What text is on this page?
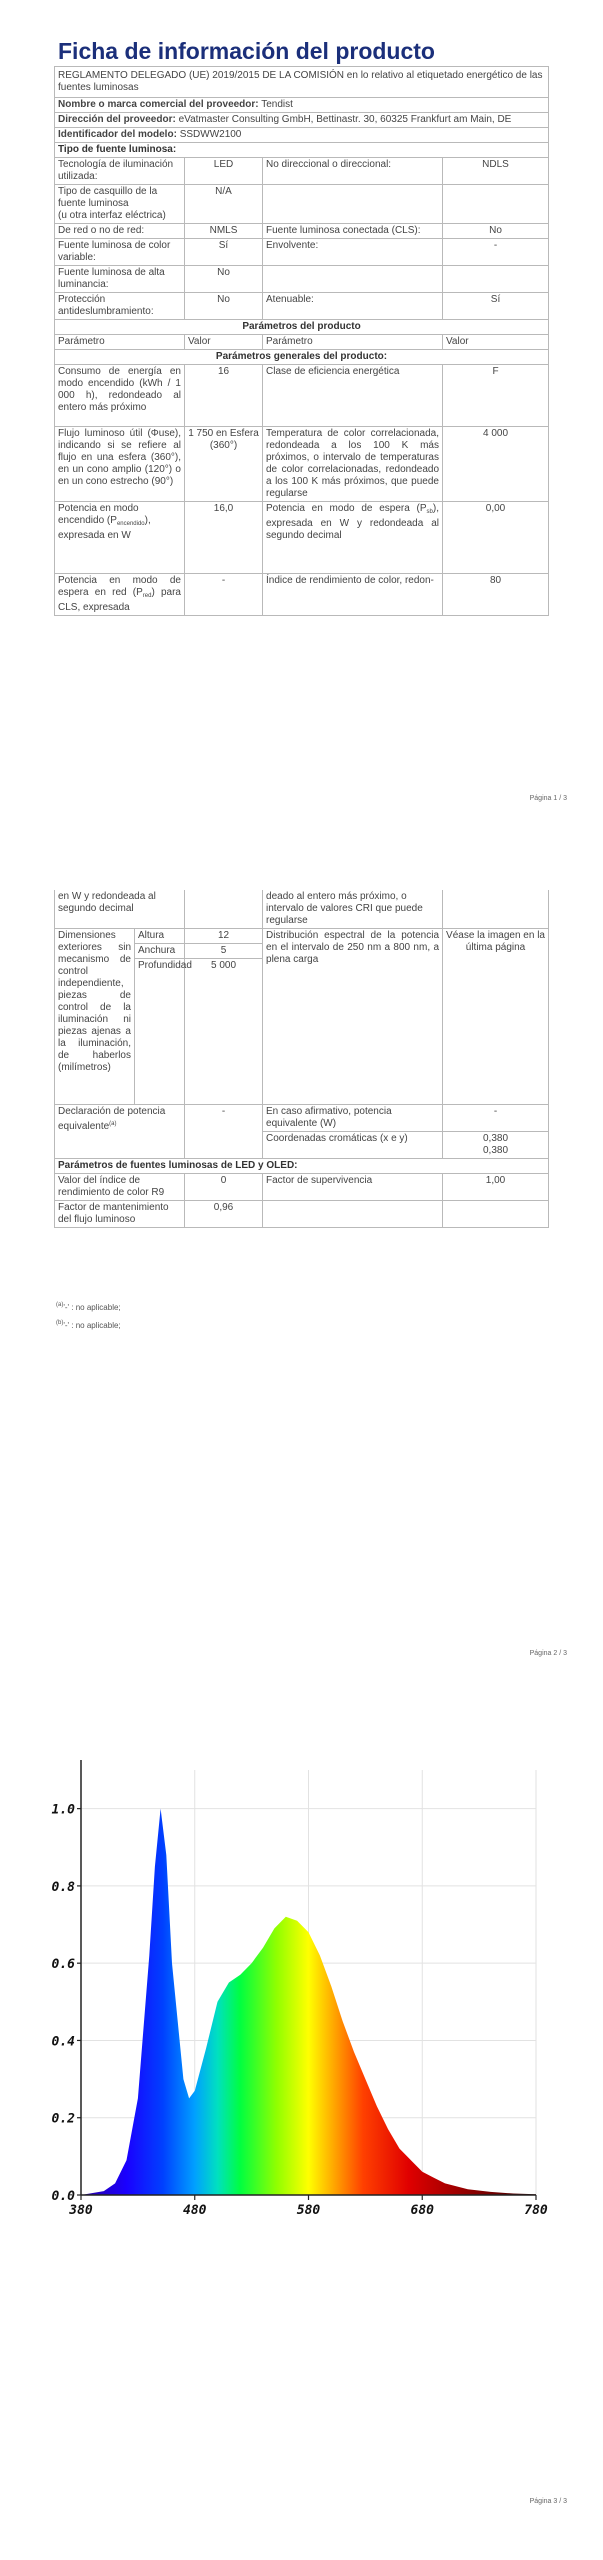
Ficha de información del producto
REGLAMENTO DELEGADO (UE) 2019/2015 DE LA COMISIÓN en lo relativo al etiquetado energético de las fuentes luminosas			
Nombre o marca comercial del proveedor: Tendist			
Dirección del proveedor: eVatmaster Consulting GmbH, Bettinastr. 30, 60325 Frankfurt am Main, DE			
Identificador del modelo: SSDWW2100			
Tipo de fuente luminosa:			
Tecnología de iluminación utilizada:	LED	No direccional o direccional:	NDLS
Tipo de casquillo de la fuente luminosa
(u otra interfaz eléctrica)	N/A		
De red o no de red:	NMLS	Fuente luminosa conectada (CLS):	No
Fuente luminosa de color variable:	Sí	Envolvente:	-
Fuente luminosa de alta luminancia:	No		
Protección antideslumbramiento:	No	Atenuable:	Sí
Parámetros del producto			
Parámetro	Valor	Parámetro	Valor
Parámetros generales del producto:			
Consumo de energía en modo encendido (kWh / 1 000 h), redondeado al entero más próximo	16	Clase de eficiencia energética	F
Flujo luminoso útil (Φuse), indicando si se refiere al flujo en una esfera (360°), en un cono amplio (120°) o en un cono estrecho (90°)	1 750 en Esfera (360°)	Temperatura de color correlacionada, redondeada a los 100 K más próximos, o intervalo de temperaturas de color correlacionadas, redondeado a los 100 K más próximos, que puede regularse	4 000
Potencia en modo encendido $(P_{encendido})$, expresada en W	16,0	Potencia en modo de espera $(P_{sb})$, expresada en W y redondeada al segundo decimal	0,00
Potencia en modo de espera en red $(P_{red})$ para CLS, expresada	-	Índice de rendimiento de color, redon-	80
Página 1 / 3
en W y redondeada al segundo decimal			deado al entero más próximo, o intervalo de valores CRI que puede regularse	
Dimensiones exteriores sin mecanismo de control independiente, piezas de control de la iluminación ni piezas ajenas a la iluminación, de haberlos (milímetros)	Altura	12	Distribución espectral de la potencia en el intervalo de 250 nm a 800 nm, a plena carga	Véase la imagen en la última página
	Anchura	5		
	Profundidad	5 000		
Declaración de potencia equivalente$^{(a)}$		-	En caso afirmativo, potencia equivalente (W)	-
			Coordenadas cromáticas (x e y)	0,380
0,380
Parámetros de fuentes luminosas de LED y OLED:				
Valor del índice de rendimiento de color R9		0	Factor de supervivencia	1,00
Factor de mantenimiento del flujo luminoso		0,96		
$^{(a)}$'-' : no aplicable;
$^{(b)}$'-' : no aplicable;
Página 2 / 3
380	480	580	680	780
0.0
0.2
0.4
0.6
0.8
1.0
Página 3 / 3
